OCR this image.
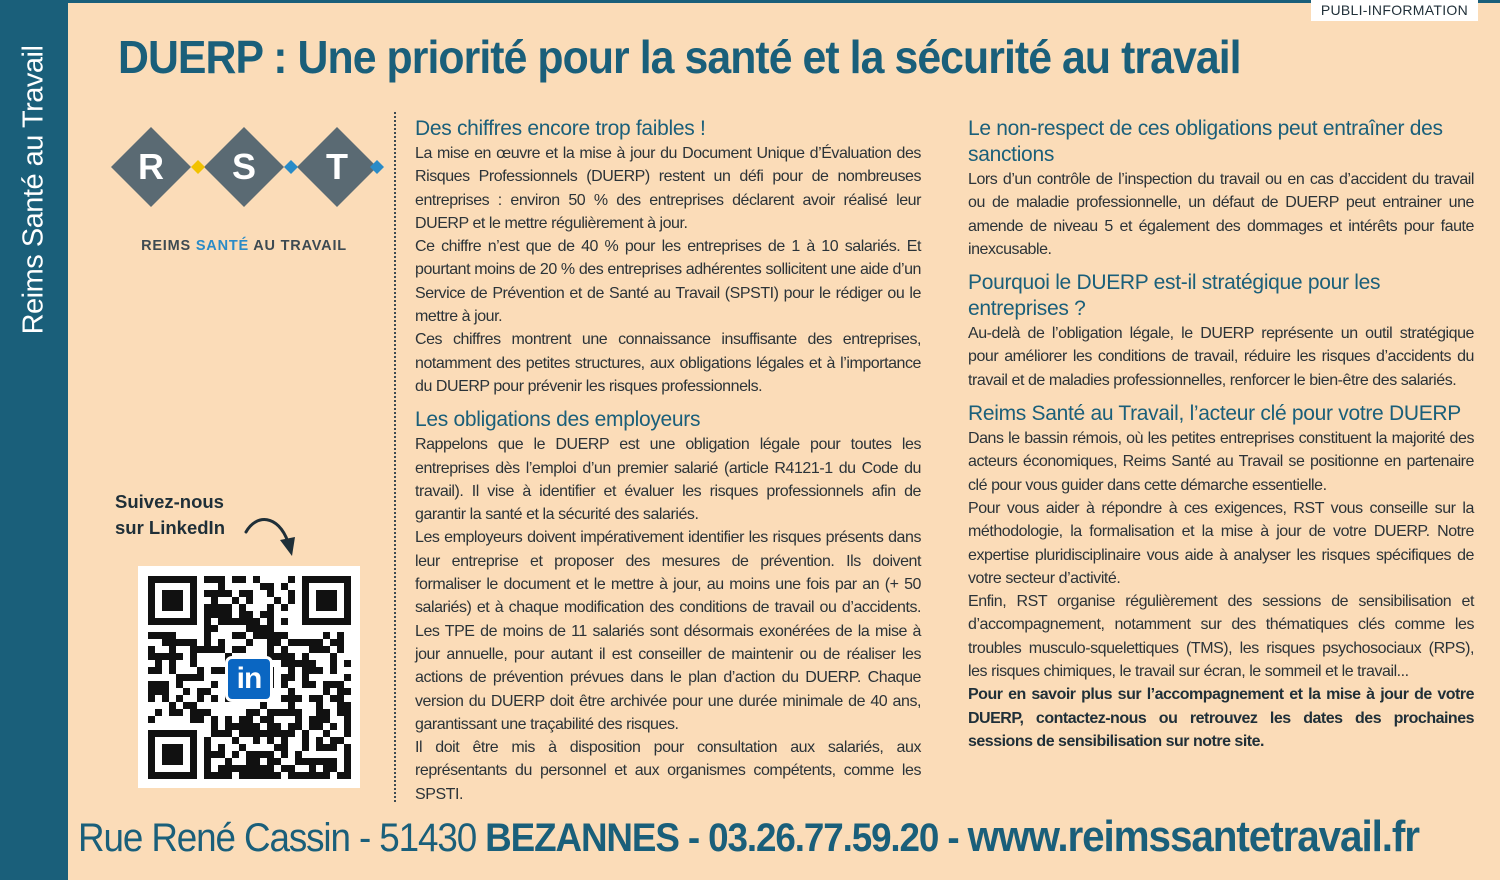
Reims Santé au Travail
PUBLI-INFORMATION
DUERP : Une priorité pour la santé et la sécurité au travail
R S T
REIMS SANTÉ AU TRAVAIL
Suivez-nous
sur LinkedIn
in
Des chiffres encore trop faibles !

La mise en œuvre et la mise à jour du Document Unique d’Évaluation des Risques Professionnels (DUERP) restent un défi pour de nombreuses entreprises : environ 50 % des entreprises déclarent avoir réalisé leur DUERP et le mettre régulièrement à jour.

Ce chiffre n’est que de 40 % pour les entreprises de 1 à 10 salariés. Et pourtant moins de 20 % des entreprises adhérentes sollicitent une aide d’un Service de Prévention et de Santé au Travail (SPSTI) pour le rédiger ou le mettre à jour.

Ces chiffres montrent une connaissance insuffisante des entreprises, notamment des petites structures, aux obligations légales et à l’importance du DUERP pour prévenir les risques professionnels.

Les obligations des employeurs

Rappelons que le DUERP est une obligation légale pour toutes les entreprises dès l’emploi d’un premier salarié (article R4121-1 du Code du travail). Il vise à identifier et évaluer les risques professionnels afin de garantir la santé et la sécurité des salariés.

Les employeurs doivent impérativement identifier les risques présents dans leur entreprise et proposer des mesures de prévention. Ils doivent formaliser le document et le mettre à jour, au moins une fois par an (+ 50 salariés) et à chaque modification des conditions de travail ou d’accidents. Les TPE de moins de 11 salariés sont désormais exonérées de la mise à jour annuelle, pour autant il est conseiller de maintenir ou de réaliser les actions de prévention prévues dans le plan d’action du DUERP. Chaque version du DUERP doit être archivée pour une durée minimale de 40 ans, garantissant une traçabilité des risques.

Il doit être mis à disposition pour consultation aux salariés, aux représentants du personnel et aux organismes compétents, comme les SPSTI.

Le non-respect de ces obligations peut entraîner des sanctions

Lors d’un contrôle de l’inspection du travail ou en cas d’accident du travail ou de maladie professionnelle, un défaut de DUERP peut entrainer une amende de niveau 5 et également des dommages et intérêts pour faute inexcusable.

Pourquoi le DUERP est-il stratégique pour les entreprises ?

Au-delà de l’obligation légale, le DUERP représente un outil stratégique pour améliorer les conditions de travail, réduire les risques d’accidents du travail et de maladies professionnelles, renforcer le bien-être des salariés.

Reims Santé au Travail, l’acteur clé pour votre DUERP

Dans le bassin rémois, où les petites entreprises constituent la majorité des acteurs économiques, Reims Santé au Travail se positionne en partenaire clé pour vous guider dans cette démarche essentielle.

Pour vous aider à répondre à ces exigences, RST vous conseille sur la méthodologie, la formalisation et la mise à jour de votre DUERP. Notre expertise pluridisciplinaire vous aide à analyser les risques spécifiques de votre secteur d’activité.

Enfin, RST organise régulièrement des sessions de sensibilisation et d’accompagnement, notamment sur des thématiques clés comme les troubles musculo-squelettiques (TMS), les risques psychosociaux (RPS), les risques chimiques, le travail sur écran, le sommeil et le travail...

Pour en savoir plus sur l’accompagnement et la mise à jour de votre DUERP, contactez-nous ou retrouvez les dates des prochaines sessions de sensibilisation sur notre site.

Rue René Cassin - 51430 BEZANNES - 03.26.77.59.20 - www.reimssantetravail.fr
